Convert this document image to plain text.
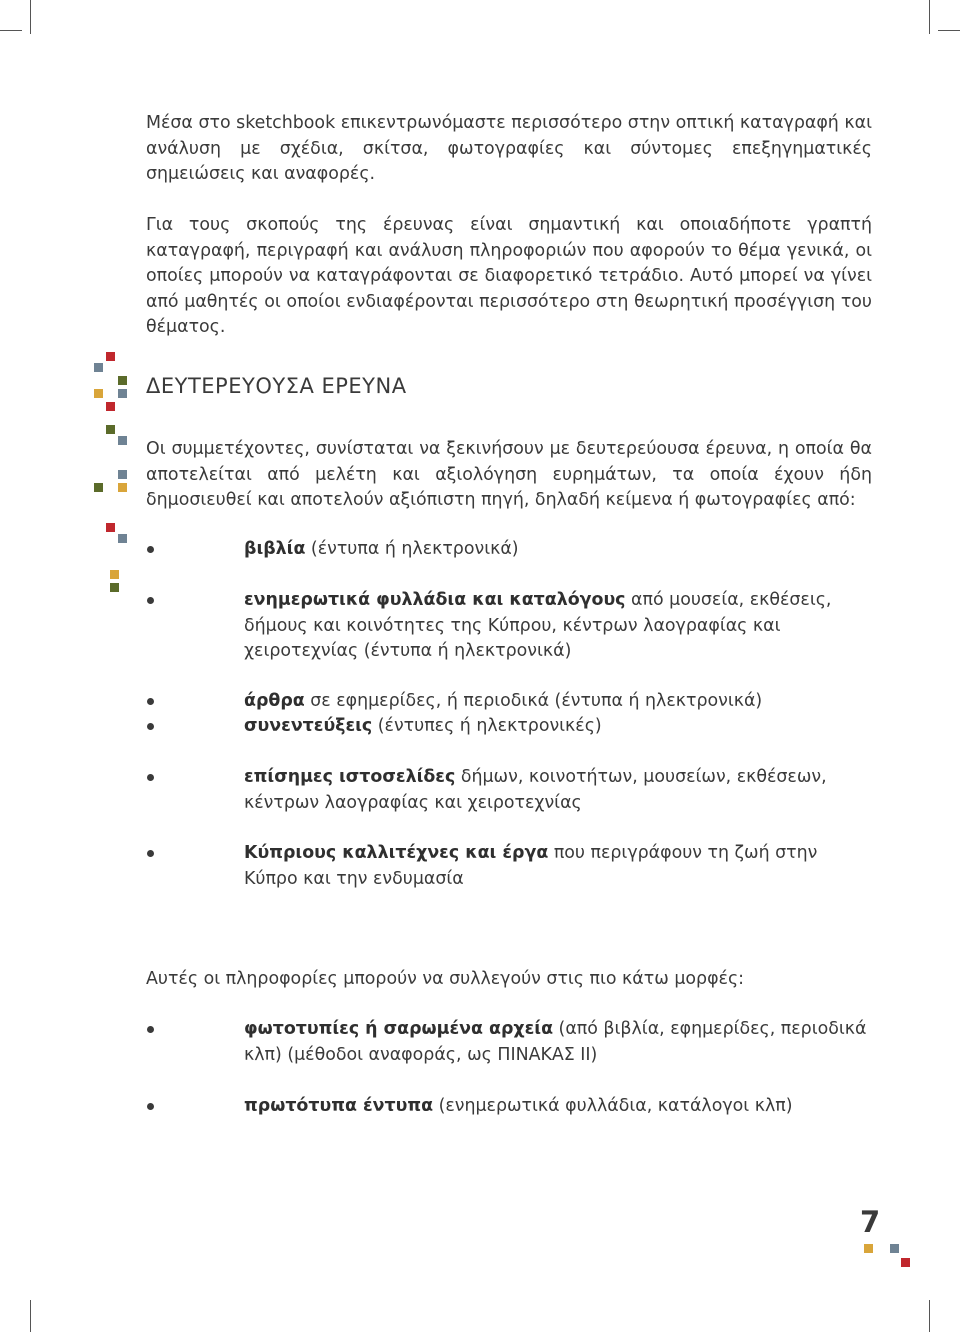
Μέσα στο sketchbook επικεντρωνόμαστε περισσότερο στην οπτική καταγραφή και ανάλυση με σχέδια, σκίτσα, φωτογραφίες και σύντομες επεξηγηματικές σημειώσεις και αναφορές.

Για τους σκοπούς της έρευνας είναι σημαντική και οποιαδήποτε γραπτή καταγραφή, περιγραφή και ανάλυση πληροφοριών που αφορούν το θέμα γενικά, οι οποίες μπορούν να καταγράφονται σε διαφορετικό τετράδιο. Αυτό μπορεί να γίνει από μαθητές οι οποίοι ενδιαφέρονται περισσότερο στη θεωρητική προσέγγιση του θέματος.

ΔΕΥΤΕΡΕΥΟΥΣΑ ΕΡΕΥΝΑ

Οι συμμετέχοντες, συνίσταται να ξεκινήσουν με δευτερεύουσα έρευνα, η οποία θα αποτελείται από μελέτη και αξιολόγηση ευρημάτων, τα οποία έχουν ήδη δημοσιευθεί και αποτελούν αξιόπιστη πηγή, δηλαδή κείμενα ή φωτογραφίες από:

βιβλία (έντυπα ή ηλεκτρονικά)
ενημερωτικά φυλλάδια και καταλόγους από μουσεία, εκθέσεις, δήμους και κοινότητες της Κύπρου, κέντρων λαογραφίας και χειροτεχνίας (έντυπα ή ηλεκτρονικά)
άρθρα σε εφημερίδες, ή περιοδικά (έντυπα ή ηλεκτρονικά)
συνεντεύξεις (έντυπες ή ηλεκτρονικές)
επίσημες ιστοσελίδες δήμων, κοινοτήτων, μουσείων, εκθέσεων, κέντρων λαογραφίας και χειροτεχνίας
Κύπριους καλλιτέχνες και έργα που περιγράφουν τη ζωή στην Κύπρο και την ενδυμασία

Αυτές οι πληροφορίες μπορούν να συλλεγούν στις πιο κάτω μορφές:

φωτοτυπίες ή σαρωμένα αρχεία (από βιβλία, εφημερίδες, περιοδικά κλπ) (μέθοδοι αναφοράς, ως ΠΙΝΑΚΑΣ ΙΙ)
πρωτότυπα έντυπα (ενημερωτικά φυλλάδια, κατάλογοι κλπ)
7
